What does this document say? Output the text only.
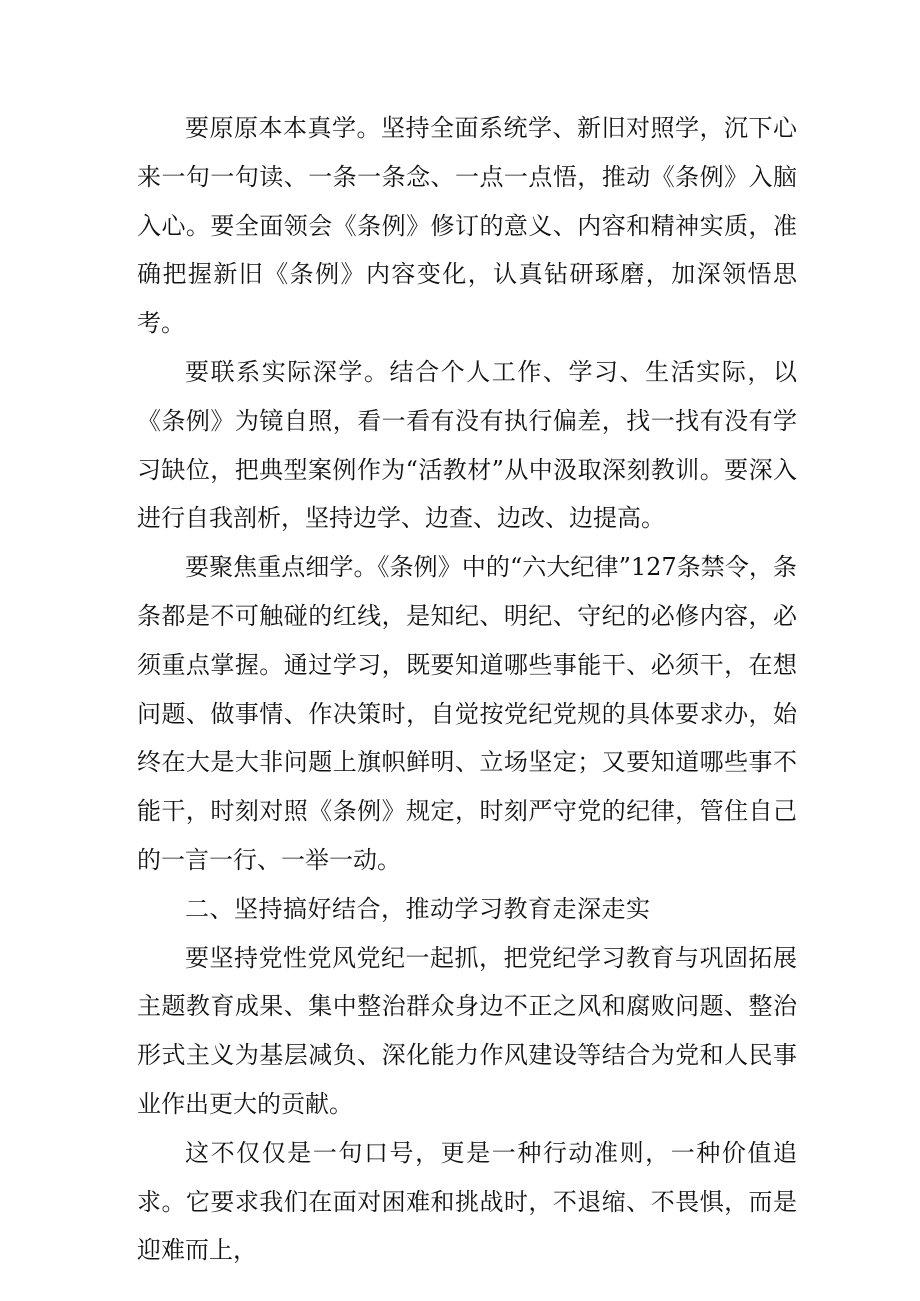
要原原本本真学。坚持全面系统学、新旧对照学，沉下心来一句一句读、一条一条念、一点一点悟，推动《条例》入脑入心。要全面领会《条例》修订的意义、内容和精神实质，准确把握新旧《条例》内容变化，认真钻研琢磨，加深领悟思考。

要联系实际深学。结合个人工作、学习、生活实际，以《条例》为镜自照，看一看有没有执行偏差，找一找有没有学习缺位，把典型案例作为“活教材”从中汲取深刻教训。要深入进行自我剖析，坚持边学、边查、边改、边提高。

要聚焦重点细学。《条例》中的“六大纪律”127条禁令，条条都是不可触碰的红线，是知纪、明纪、守纪的必修内容，必须重点掌握。通过学习，既要知道哪些事能干、必须干，在想问题、做事情、作决策时，自觉按党纪党规的具体要求办，始终在大是大非问题上旗帜鲜明、立场坚定；又要知道哪些事不能干，时刻对照《条例》规定，时刻严守党的纪律，管住自己的一言一行、一举一动。

二、坚持搞好结合，推动学习教育走深走实

要坚持党性党风党纪一起抓，把党纪学习教育与巩固拓展主题教育成果、集中整治群众身边不正之风和腐败问题、整治形式主义为基层减负、深化能力作风建设等结合为党和人民事业作出更大的贡献。

这不仅仅是一句口号，更是一种行动准则，一种价值追求。它要求我们在面对困难和挑战时，不退缩、不畏惧，而是迎难而上，
